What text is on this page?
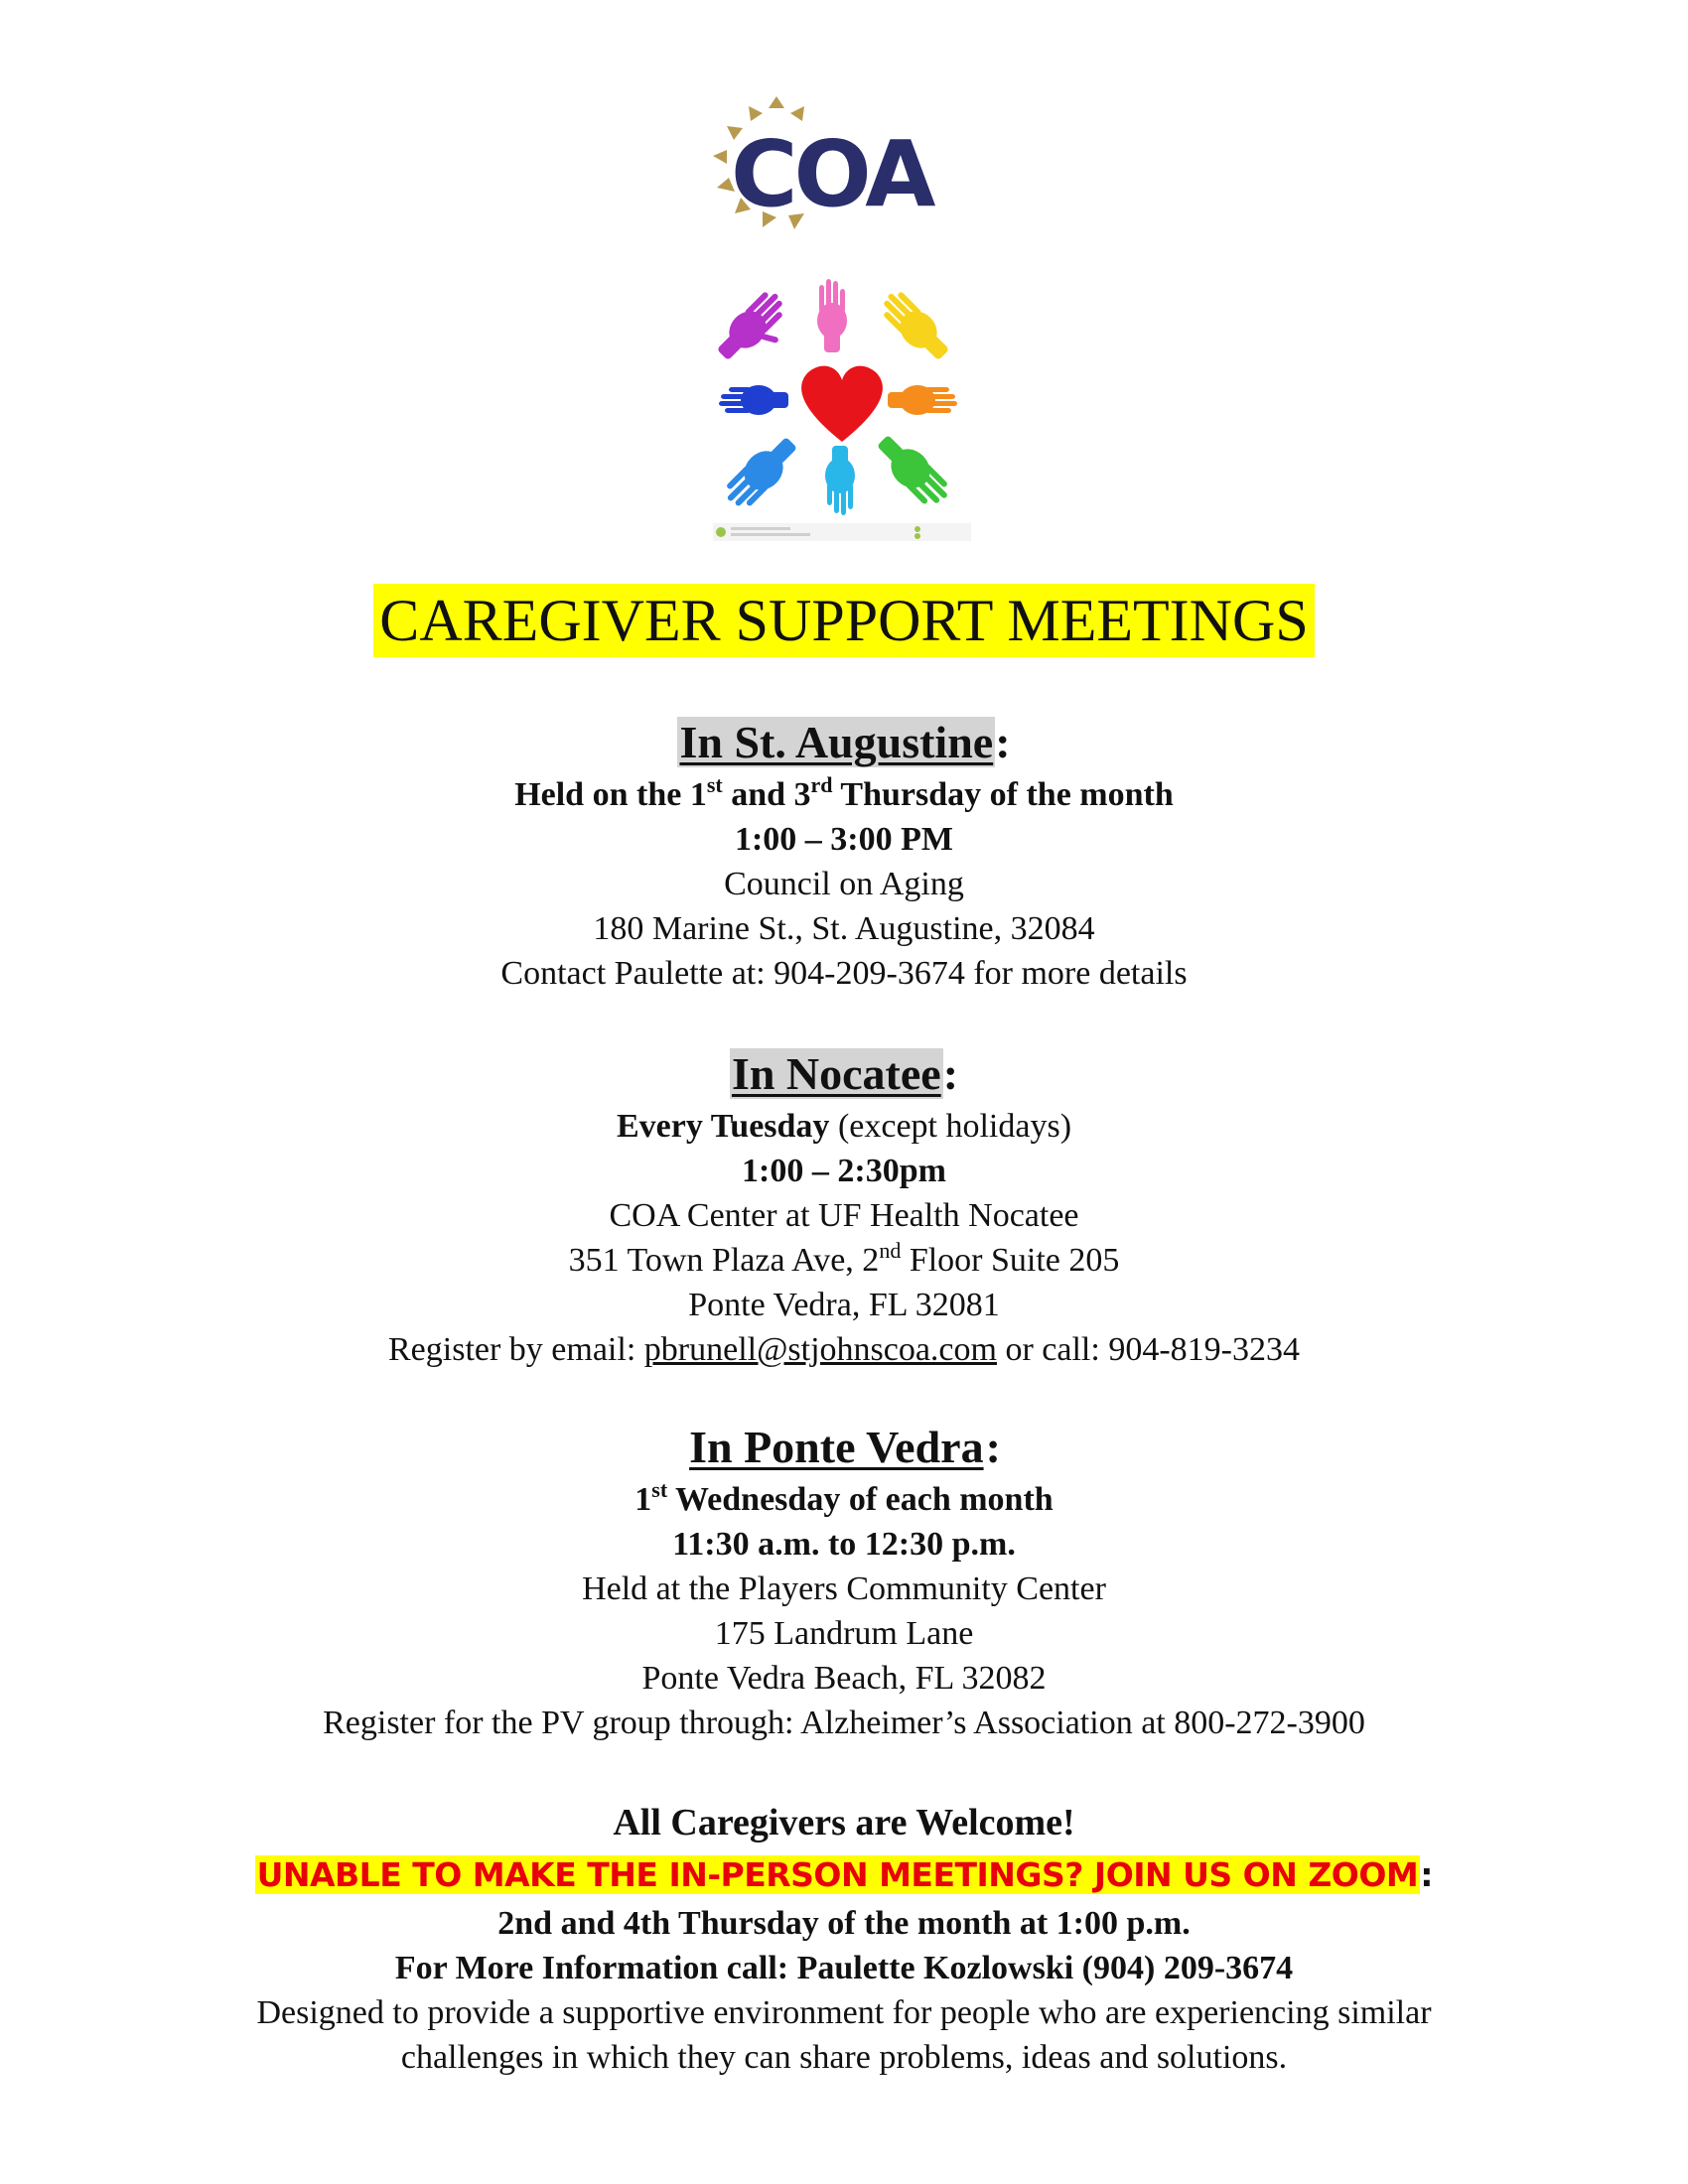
COA
CAREGIVER SUPPORT MEETINGS
In St. Augustine:
Held on the 1st and 3rd Thursday of the month
1:00 – 3:00 PM
Council on Aging
180 Marine St., St. Augustine, 32084
Contact Paulette at: 904-209-3674 for more details
In Nocatee:
Every Tuesday (except holidays)
1:00 – 2:30pm
COA Center at UF Health Nocatee
351 Town Plaza Ave, 2nd Floor Suite 205
Ponte Vedra, FL 32081
Register by email: pbrunell@stjohnscoa.com or call: 904-819-3234
In Ponte Vedra:
1st Wednesday of each month
11:30 a.m. to 12:30 p.m.
Held at the Players Community Center
175 Landrum Lane
Ponte Vedra Beach, FL 32082
Register for the PV group through: Alzheimer’s Association at 800-272-3900
All Caregivers are Welcome!
UNABLE TO MAKE THE IN-PERSON MEETINGS? JOIN US ON ZOOM:
2nd and 4th Thursday of the month at 1:00 p.m.
For More Information call: Paulette Kozlowski (904) 209-3674
Designed to provide a supportive environment for people who are experiencing similar
challenges in which they can share problems, ideas and solutions.
